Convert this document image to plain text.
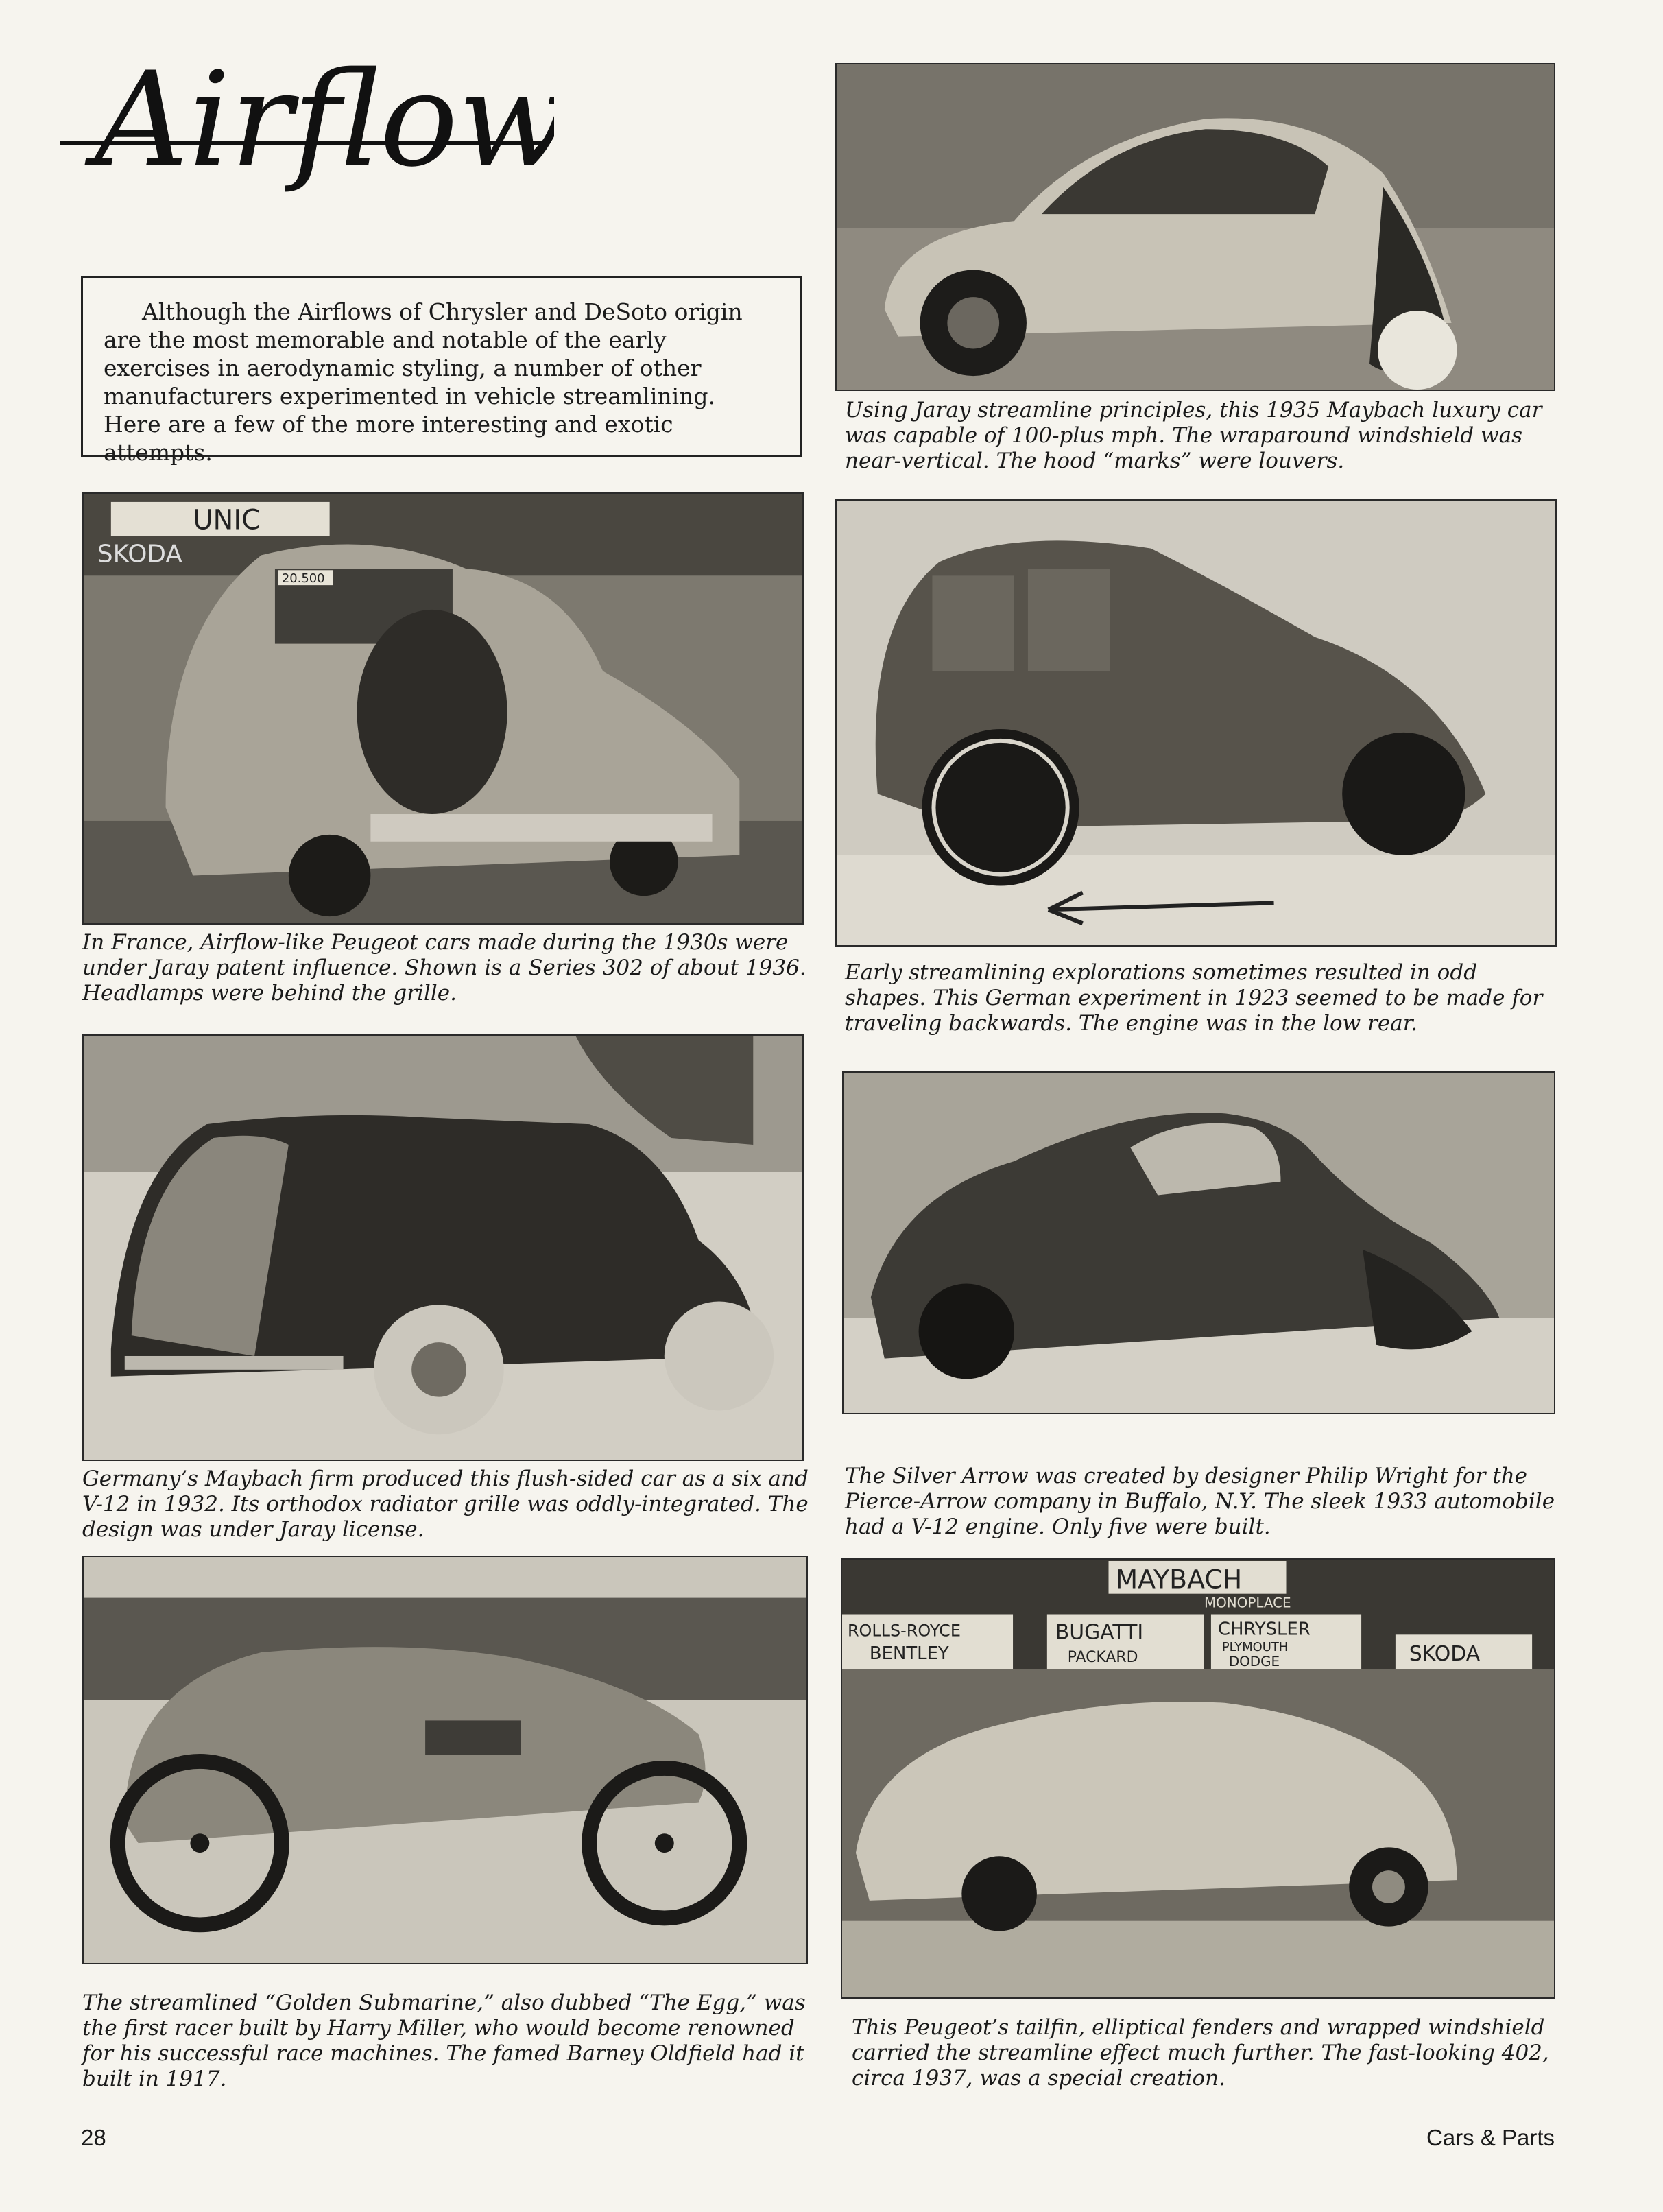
Airflow

Although the Airflows of Chrysler and DeSoto origin are the most memorable and notable of the early exercises in aerodynamic styling, a number of other manufacturers experimented in vehicle streamlining. Here are a few of the more interesting and exotic attempts.

Using Jaray streamline principles, this 1935 Maybach luxury car was capable of 100-plus mph. The wraparound windshield was near-vertical. The hood “marks” were louvers.

UNIC
SKODA
20.500

In France, Airflow-like Peugeot cars made during the 1930s were under Jaray patent influence. Shown is a Series 302 of about 1936. Headlamps were behind the grille.

Early streamlining explorations sometimes resulted in odd shapes. This German experiment in 1923 seemed to be made for traveling backwards. The engine was in the low rear.

Germany’s Maybach firm produced this flush-sided car as a six and V-12 in 1932. Its orthodox radiator grille was oddly-integrated. The design was under Jaray license.

The Silver Arrow was created by designer Philip Wright for the Pierce-Arrow company in Buffalo, N.Y. The sleek 1933 automobile had a V-12 engine. Only five were built.

The streamlined “Golden Submarine,” also dubbed “The Egg,” was the first racer built by Harry Miller, who would become renowned for his successful race machines. The famed Barney Oldfield had it built in 1917.

MAYBACH
MONOPLACE
ROLLS-ROYCE
BENTLEY
BUGATTI
PACKARD
CHRYSLER
PLYMOUTH
DODGE	SKODA

This Peugeot’s tailfin, elliptical fenders and wrapped windshield carried the streamline effect much further. The fast-looking 402, circa 1937, was a special creation.

28	Cars & Parts
